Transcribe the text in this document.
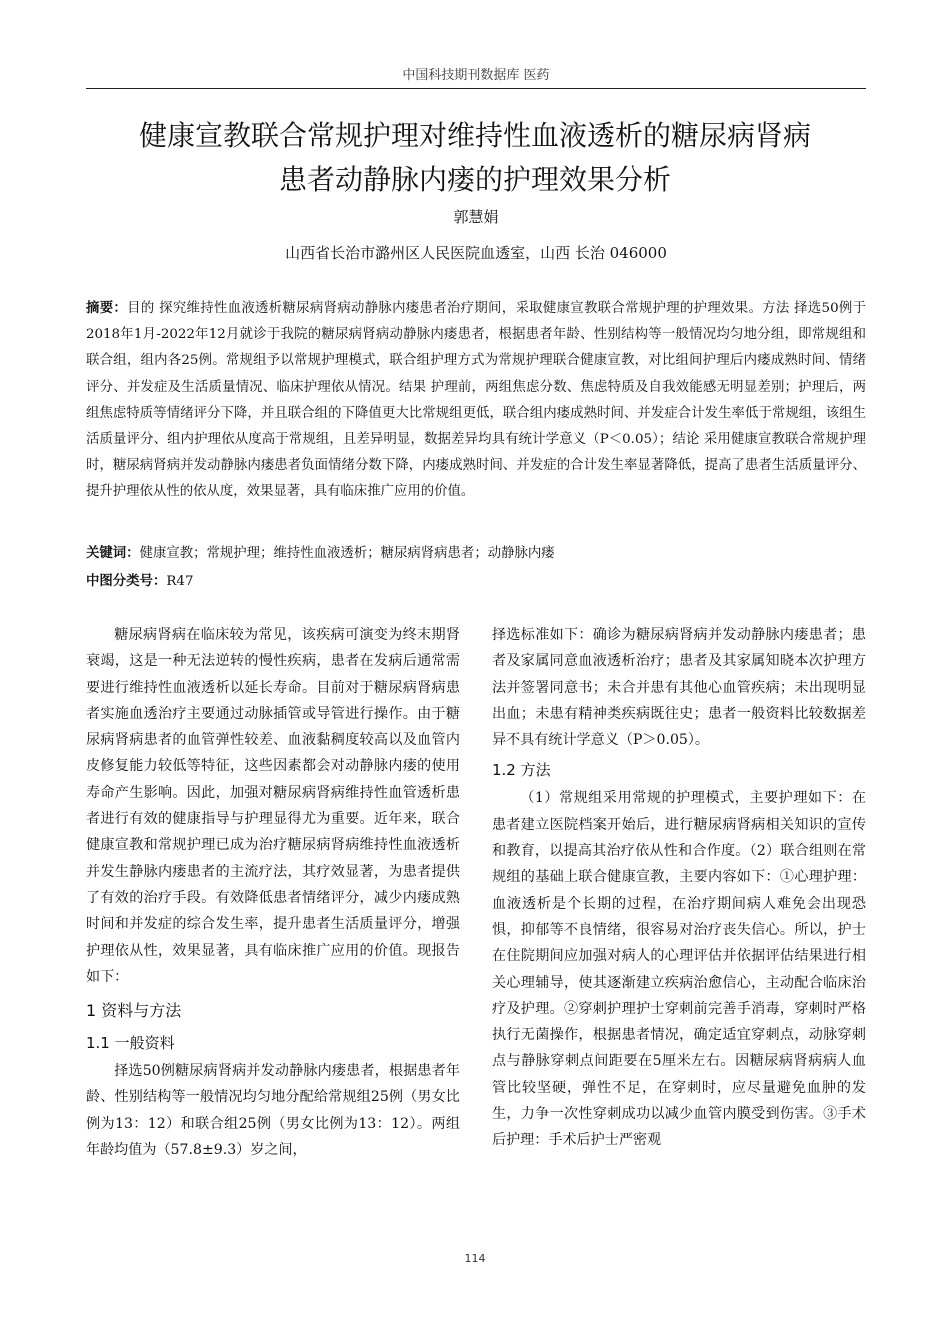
中国科技期刊数据库 医药
健康宣教联合常规护理对维持性血液透析的糖尿病肾病
患者动静脉内瘘的护理效果分析
郭慧娟
山西省长治市潞州区人民医院血透室，山西 长治 046000
摘要：目的 探究维持性血液透析糖尿病肾病动静脉内瘘患者治疗期间，采取健康宣教联合常规护理的护理效果。方法 择选50例于2018年1月-2022年12月就诊于我院的糖尿病肾病动静脉内瘘患者，根据患者年龄、性别结构等一般情况均匀地分组，即常规组和联合组，组内各25例。常规组予以常规护理模式，联合组护理方式为常规护理联合健康宣教，对比组间护理后内瘘成熟时间、情绪评分、并发症及生活质量情况、临床护理依从情况。结果 护理前，两组焦虑分数、焦虑特质及自我效能感无明显差别；护理后，两组焦虑特质等情绪评分下降，并且联合组的下降值更大比常规组更低，联合组内瘘成熟时间、并发症合计发生率低于常规组，该组生活质量评分、组内护理依从度高于常规组，且差异明显，数据差异均具有统计学意义（P＜0.05）；结论 采用健康宣教联合常规护理时，糖尿病肾病并发动静脉内瘘患者负面情绪分数下降，内瘘成熟时间、并发症的合计发生率显著降低，提高了患者生活质量评分、提升护理依从性的依从度，效果显著，具有临床推广应用的价值。
关键词：健康宣教；常规护理；维持性血液透析；糖尿病肾病患者；动静脉内瘘
中图分类号：R47

糖尿病肾病在临床较为常见，该疾病可演变为终末期肾衰竭，这是一种无法逆转的慢性疾病，患者在发病后通常需要进行维持性血液透析以延长寿命。目前对于糖尿病肾病患者实施血透治疗主要通过动脉插管或导管进行操作。由于糖尿病肾病患者的血管弹性较差、血液黏稠度较高以及血管内皮修复能力较低等特征，这些因素都会对动静脉内瘘的使用寿命产生影响。因此，加强对糖尿病肾病维持性血管透析患者进行有效的健康指导与护理显得尤为重要。近年来，联合健康宣教和常规护理已成为治疗糖尿病肾病维持性血液透析并发生静脉内瘘患者的主流疗法，其疗效显著，为患者提供了有效的治疗手段。有效降低患者情绪评分，减少内瘘成熟时间和并发症的综合发生率，提升患者生活质量评分，增强护理依从性，效果显著，具有临床推广应用的价值。现报告如下：

1 资料与方法
1.1 一般资料

择选50例糖尿病肾病并发动静脉内瘘患者，根据患者年龄、性别结构等一般情况均匀地分配给常规组25例（男女比例为13：12）和联合组25例（男女比例为13：12）。两组年龄均值为（57.8±9.3）岁之间，

择选标准如下：确诊为糖尿病肾病并发动静脉内瘘患者；患者及家属同意血液透析治疗；患者及其家属知晓本次护理方法并签署同意书；未合并患有其他心血管疾病；未出现明显出血；未患有精神类疾病既往史；患者一般资料比较数据差异不具有统计学意义（P＞0.05）。

1.2 方法

（1）常规组采用常规的护理模式，主要护理如下：在患者建立医院档案开始后，进行糖尿病肾病相关知识的宣传和教育，以提高其治疗依从性和合作度。（2）联合组则在常规组的基础上联合健康宣教，主要内容如下：①心理护理：血液透析是个长期的过程，在治疗期间病人难免会出现恐惧，抑郁等不良情绪，很容易对治疗丧失信心。所以，护士在住院期间应加强对病人的心理评估并依据评估结果进行相关心理辅导，使其逐渐建立疾病治愈信心，主动配合临床治疗及护理。②穿刺护理护士穿刺前完善手消毒，穿刺时严格执行无菌操作，根据患者情况，确定适宜穿刺点，动脉穿刺点与静脉穿刺点间距要在5厘米左右。因糖尿病肾病病人血管比较坚硬，弹性不足，在穿刺时，应尽量避免血肿的发生，力争一次性穿刺成功以减少血管内膜受到伤害。③手术后护理：手术后护士严密观

114
